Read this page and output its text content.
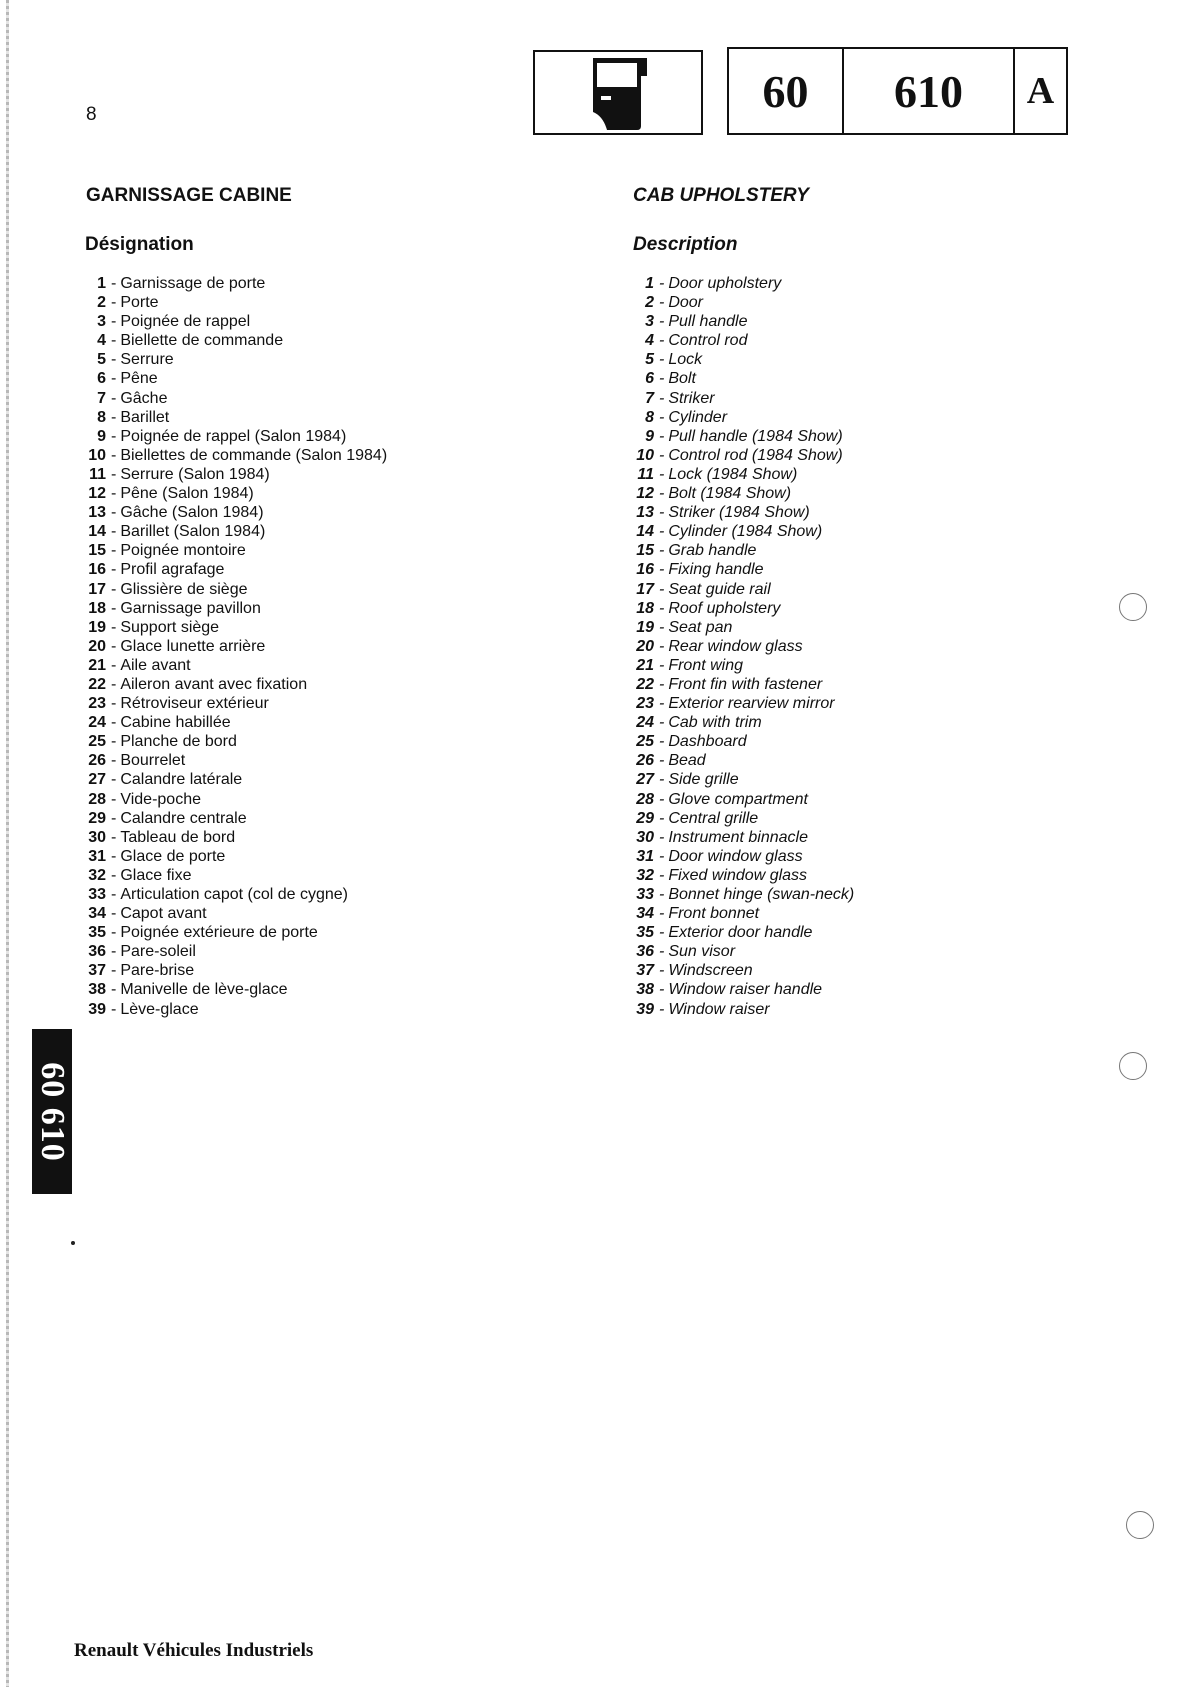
8	60	610	A
GARNISSAGE CABINE	CAB UPHOLSTERY
Désignation	Description
1 - Garnissage de porte
2 - Porte
3 - Poignée de rappel
4 - Biellette de commande
5 - Serrure
6 - Pêne
7 - Gâche
8 - Barillet
9 - Poignée de rappel (Salon 1984)
10 - Biellettes de commande (Salon 1984)
11 - Serrure (Salon 1984)
12 - Pêne (Salon 1984)
13 - Gâche (Salon 1984)
14 - Barillet (Salon 1984)
15 - Poignée montoire
16 - Profil agrafage
17 - Glissière de siège
18 - Garnissage pavillon
19 - Support siège
20 - Glace lunette arrière
21 - Aile avant
22 - Aileron avant avec fixation
23 - Rétroviseur extérieur
24 - Cabine habillée
25 - Planche de bord
26 - Bourrelet
27 - Calandre latérale
28 - Vide-poche
29 - Calandre centrale
30 - Tableau de bord
31 - Glace de porte
32 - Glace fixe
33 - Articulation capot (col de cygne)
34 - Capot avant
35 - Poignée extérieure de porte
36 - Pare-soleil
37 - Pare-brise
38 - Manivelle de lève-glace
39 - Lève-glace
1 - Door upholstery
2 - Door
3 - Pull handle
4 - Control rod
5 - Lock
6 - Bolt
7 - Striker
8 - Cylinder
9 - Pull handle (1984 Show)
10 - Control rod (1984 Show)
11 - Lock (1984 Show)
12 - Bolt (1984 Show)
13 - Striker (1984 Show)
14 - Cylinder (1984 Show)
15 - Grab handle
16 - Fixing handle
17 - Seat guide rail
18 - Roof upholstery
19 - Seat pan
20 - Rear window glass
21 - Front wing
22 - Front fin with fastener
23 - Exterior rearview mirror
24 - Cab with trim
25 - Dashboard
26 - Bead
27 - Side grille
28 - Glove compartment
29 - Central grille
30 - Instrument binnacle
31 - Door window glass
32 - Fixed window glass
33 - Bonnet hinge (swan-neck)
34 - Front bonnet
35 - Exterior door handle
36 - Sun visor
37 - Windscreen
38 - Window raiser handle
39 - Window raiser
60 610
Renault Véhicules Industriels
